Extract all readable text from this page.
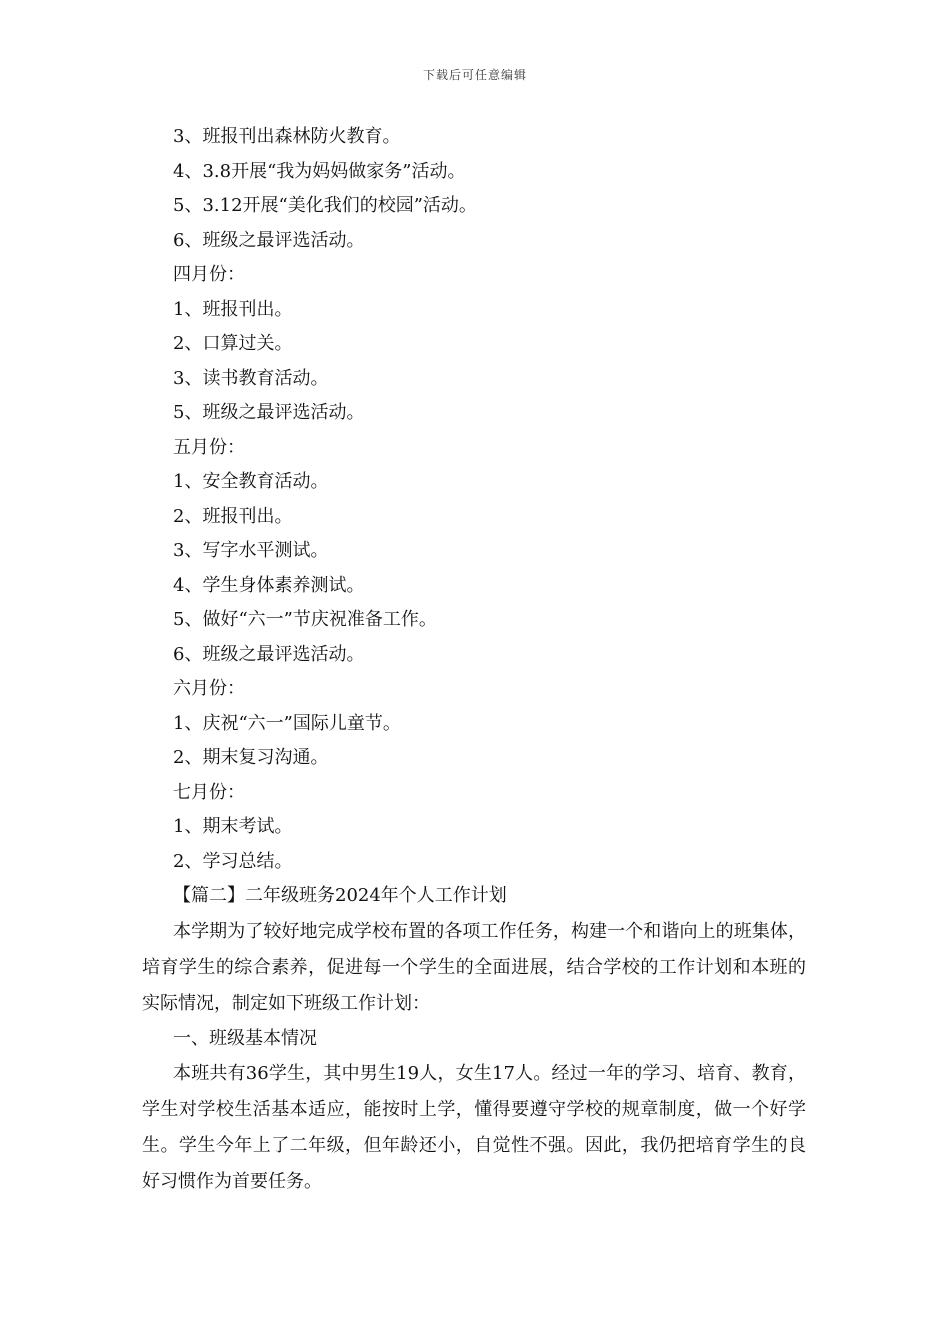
下载后可任意编辑
3、班报刊出森林防火教育。
4、3.8开展“我为妈妈做家务”活动。
5、3.12开展“美化我们的校园”活动。
6、班级之最评选活动。
四月份：
1、班报刊出。
2、口算过关。
3、读书教育活动。
5、班级之最评选活动。
五月份：
1、安全教育活动。
2、班报刊出。
3、写字水平测试。
4、学生身体素养测试。
5、做好“六一”节庆祝准备工作。
6、班级之最评选活动。
六月份：
1、庆祝“六一”国际儿童节。
2、期末复习沟通。
七月份：
1、期末考试。
2、学习总结。
【篇二】二年级班务2024年个人工作计划

本学期为了较好地完成学校布置的各项工作任务，构建一个和谐向上的班集体，培育学生的综合素养，促进每一个学生的全面进展，结合学校的工作计划和本班的实际情况，制定如下班级工作计划：

一、班级基本情况

本班共有36学生，其中男生19人，女生17人。经过一年的学习、培育、教育，学生对学校生活基本适应，能按时上学，懂得要遵守学校的规章制度，做一个好学生。学生今年上了二年级，但年龄还小，自觉性不强。因此，我仍把培育学生的良好习惯作为首要任务。
